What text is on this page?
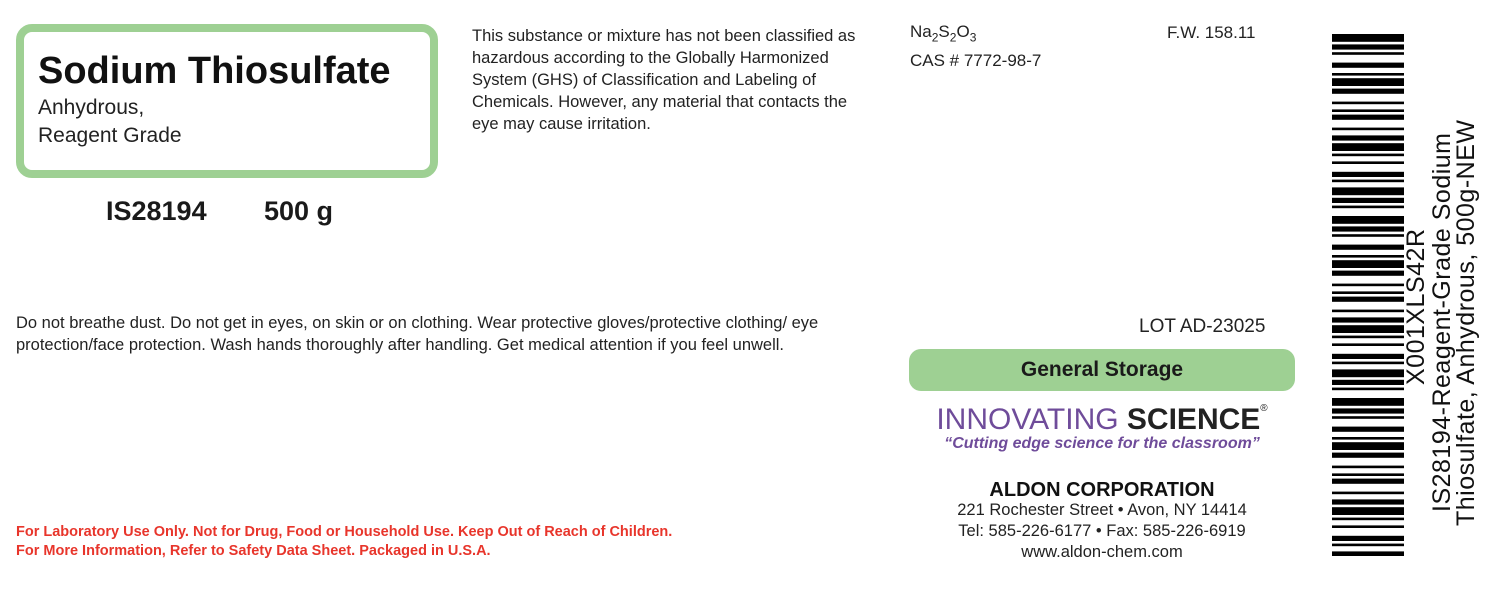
Sodium Thiosulfate
Anhydrous,
Reagent Grade
IS28194 500 g
This substance or mixture has not been classified as hazardous according to the Globally Harmonized System (GHS) of Classification and Labeling of Chemicals. However, any material that contacts the eye may cause irritation.
$Na_2S_2O_3$	F.W. 158.11
CAS # 7772-98-7
Do not breathe dust. Do not get in eyes, on skin or on clothing. Wear protective gloves/protective clothing/ eye protection/face protection. Wash hands thoroughly after handling. Get medical attention if you feel unwell.
LOT AD-23025
General Storage
INNOVATING SCIENCE®
“Cutting edge science for the classroom”
ALDON CORPORATION
221 Rochester Street • Avon, NY 14414
Tel: 585-226-6177 • Fax: 585-226-6919
www.aldon-chem.com
For Laboratory Use Only. Not for Drug, Food or Household Use. Keep Out of Reach of Children.
For More Information, Refer to Safety Data Sheet. Packaged in U.S.A.
X001XLS42R
IS28194-Reagent-Grade Sodium
Thiosulfate, Anhydrous, 500g-NEW
